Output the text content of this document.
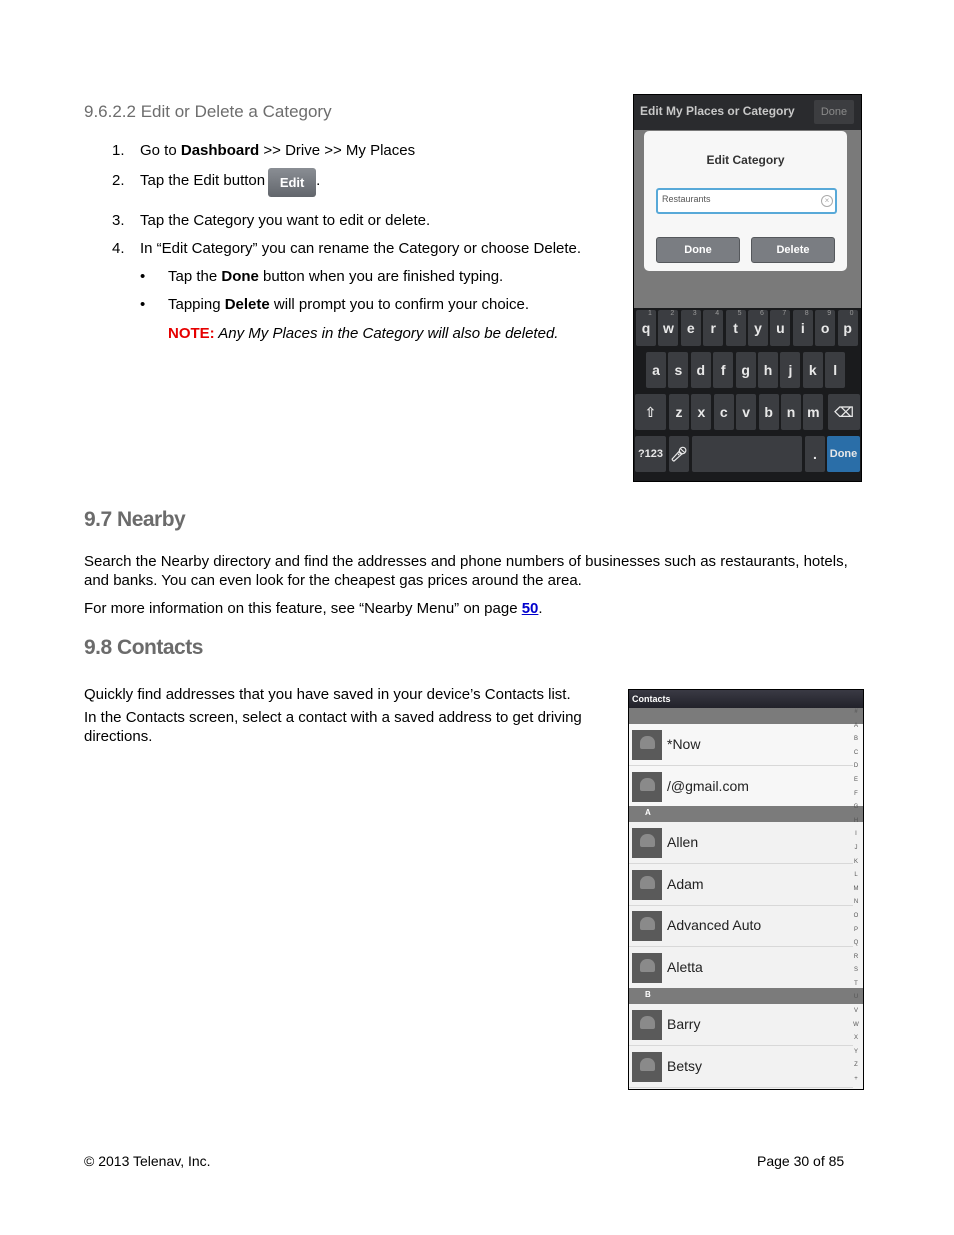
9.6.2.2 Edit or Delete a Category
1. Go to Dashboard >> Drive >> My Places
2. Tap the Edit button Edit .
3. Tap the Category you want to edit or delete.
4. In “Edit Category” you can rename the Category or choose Delete.
• Tap the Done button when you are finished typing.
• Tapping Delete will prompt you to confirm your choice.
NOTE: Any My Places in the Category will also be deleted.
Edit My Places or Category	Done
Edit Category
Restaurants	×
Done	Delete
q
1
w
2
e
3
r
4
t
5
y
6
u
7
i
8
o
9
p
0
a	s	d	f	g h	j	k	l
z	x	c	v	b n m
?123 🎤︎	.	Done
⇧	⌫
9.7 Nearby
Search the Nearby directory and find the addresses and phone numbers of businesses such as restaurants, hotels, and banks. You can even look for the cheapest gas prices around the area.
For more information on this feature, see “Nearby Menu” on page 50.
9.8 Contacts
Quickly find addresses that you have saved in your device’s Contacts list.
In the Contacts screen, select a contact with a saved address to get driving directions.
Contacts
*Now
/@gmail.com
A
Allen
Adam
Advanced Auto
Aletta
B
Barry
Betsy
#
A
B
C
D
E
F
G
H
I
J
K
L
M
N
O
P
Q
R
S
T
U
V
W
X
Y
Z
+
© 2013 Telenav, Inc.	Page 30 of 85
